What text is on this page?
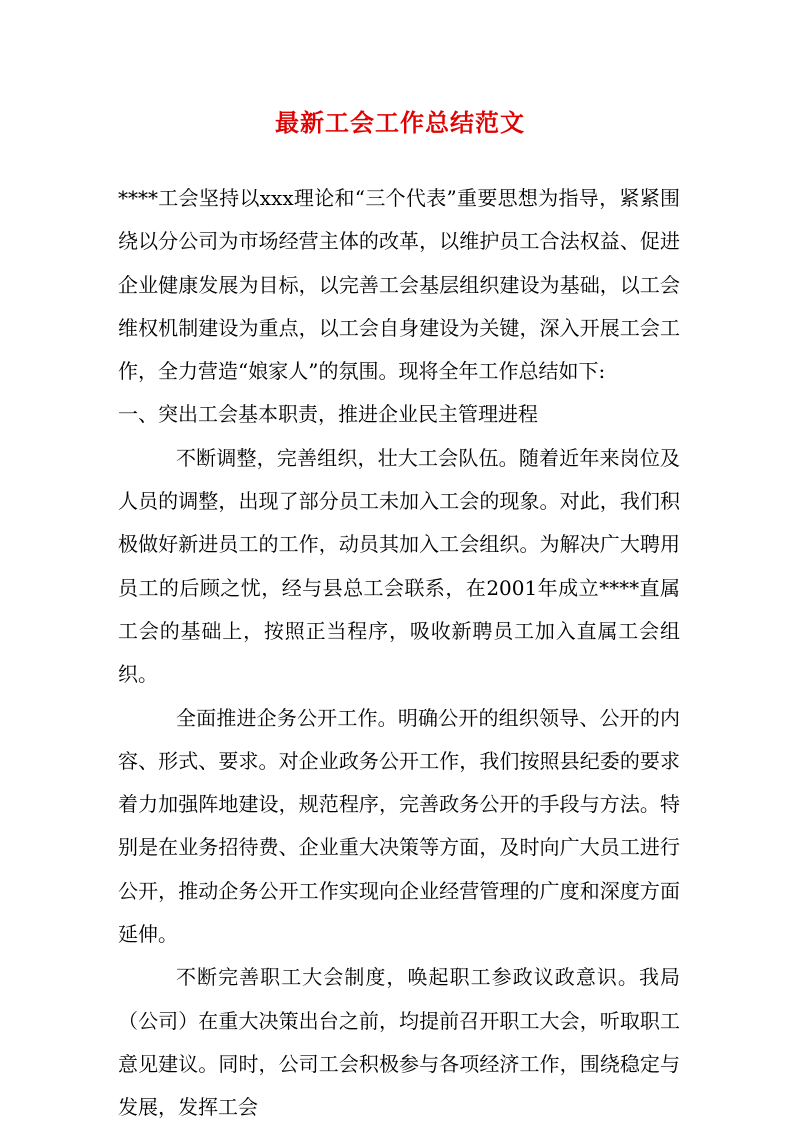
最新工会工作总结范文

****工会坚持以xxx理论和“三个代表”重要思想为指导，紧紧围绕以分公司为市场经营主体的改革，以维护员工合法权益、促进企业健康发展为目标，以完善工会基层组织建设为基础，以工会维权机制建设为重点，以工会自身建设为关键，深入开展工会工作，全力营造“娘家人”的氛围。现将全年工作总结如下:

一、突出工会基本职责，推进企业民主管理进程

不断调整，完善组织，壮大工会队伍。随着近年来岗位及人员的调整，出现了部分员工未加入工会的现象。对此，我们积极做好新进员工的工作，动员其加入工会组织。为解决广大聘用员工的后顾之忧，经与县总工会联系，在2001年成立****直属工会的基础上，按照正当程序，吸收新聘员工加入直属工会组织。

全面推进企务公开工作。明确公开的组织领导、公开的内容、形式、要求。对企业政务公开工作，我们按照县纪委的要求着力加强阵地建设，规范程序，完善政务公开的手段与方法。特别是在业务招待费、企业重大决策等方面，及时向广大员工进行公开，推动企务公开工作实现向企业经营管理的广度和深度方面延伸。

不断完善职工大会制度，唤起职工参政议政意识。我局（公司）在重大决策出台之前，均提前召开职工大会，听取职工意见建议。同时，公司工会积极参与各项经济工作，围绕稳定与发展，发挥工会
